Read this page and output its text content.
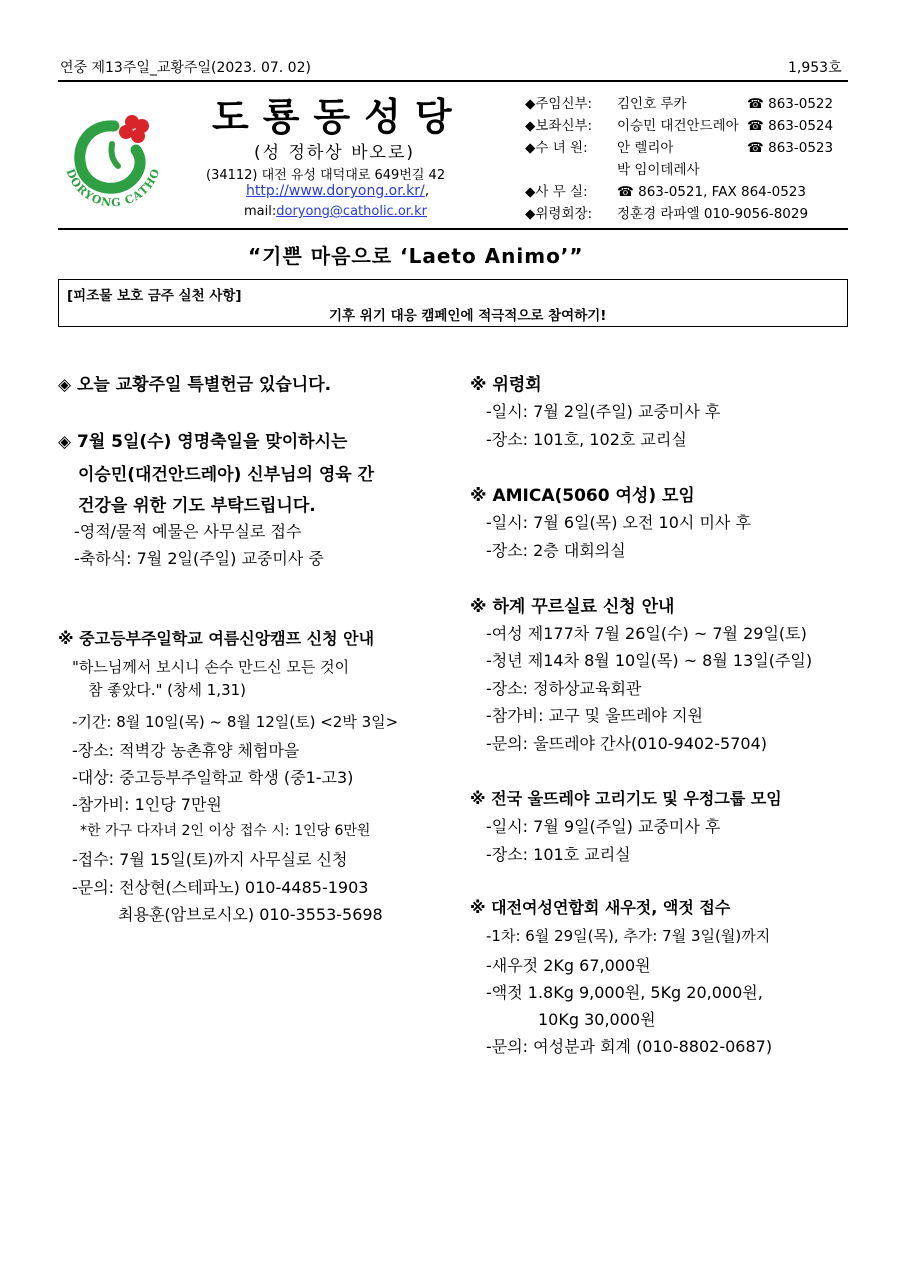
연중 제13주일_교황주일(2023. 07. 02)	1,953호
DORYONG CATHO
도룡동성당
(성 정하상 바오로)
(34112) 대전 유성 대덕대로 649번길 42
http://www.doryong.or.kr/,
mail:doryong@catholic.or.kr
◆주임신부: 김인호 루카	☎ 863-0522
◆보좌신부: 이승민 대건안드레아 ☎ 863-0524
◆수 녀 원: 안 렐리아	☎ 863-0523
박 임이데레사
◆사 무 실: ☎ 863-0521, FAX 864-0523
◆위령회장: 정훈경 라파엘 010-9056-8029
“기쁜 마음으로 ‘Laeto Animo’”
[피조물 보호 금주 실천 사항]
기후 위기 대응 캠페인에 적극적으로 참여하기!
◈ 오늘 교황주일 특별헌금 있습니다.
◈ 7월 5일(수) 영명축일을 맞이하시는
이승민(대건안드레아) 신부님의 영육 간
건강을 위한 기도 부탁드립니다.
-영적/물적 예물은 사무실로 접수
-축하식: 7월 2일(주일) 교중미사 중
※ 중고등부주일학교 여름신앙캠프 신청 안내
"하느님께서 보시니 손수 만드신 모든 것이
참 좋았다." (창세 1,31)
-기간: 8월 10일(목) ~ 8월 12일(토) <2박 3일>
-장소: 적벽강 농촌휴양 체험마을
-대상: 중고등부주일학교 학생 (중1-고3)
-참가비: 1인당 7만원
*한 가구 다자녀 2인 이상 접수 시: 1인당 6만원
-접수: 7월 15일(토)까지 사무실로 신청
-문의: 전상현(스테파노) 010-4485-1903
최용훈(암브로시오) 010-3553-5698
※ 위령회
-일시: 7월 2일(주일) 교중미사 후
-장소: 101호, 102호 교리실
※ AMICA(5060 여성) 모임
-일시: 7월 6일(목) 오전 10시 미사 후
-장소: 2층 대회의실
※ 하계 꾸르실료 신청 안내
-여성 제177차 7월 26일(수) ~ 7월 29일(토)
-청년 제14차 8월 10일(목) ~ 8월 13일(주일)
-장소: 정하상교육회관
-참가비: 교구 및 울뜨레야 지원
-문의: 울뜨레야 간사(010-9402-5704)
※ 전국 울뜨레야 고리기도 및 우정그룹 모임
-일시: 7월 9일(주일) 교중미사 후
-장소: 101호 교리실
※ 대전여성연합회 새우젓, 액젓 접수
-1차: 6월 29일(목), 추가: 7월 3일(월)까지
-새우젓 2Kg 67,000원
-액젓 1.8Kg 9,000원, 5Kg 20,000원,
10Kg 30,000원
-문의: 여성분과 회계 (010-8802-0687)
